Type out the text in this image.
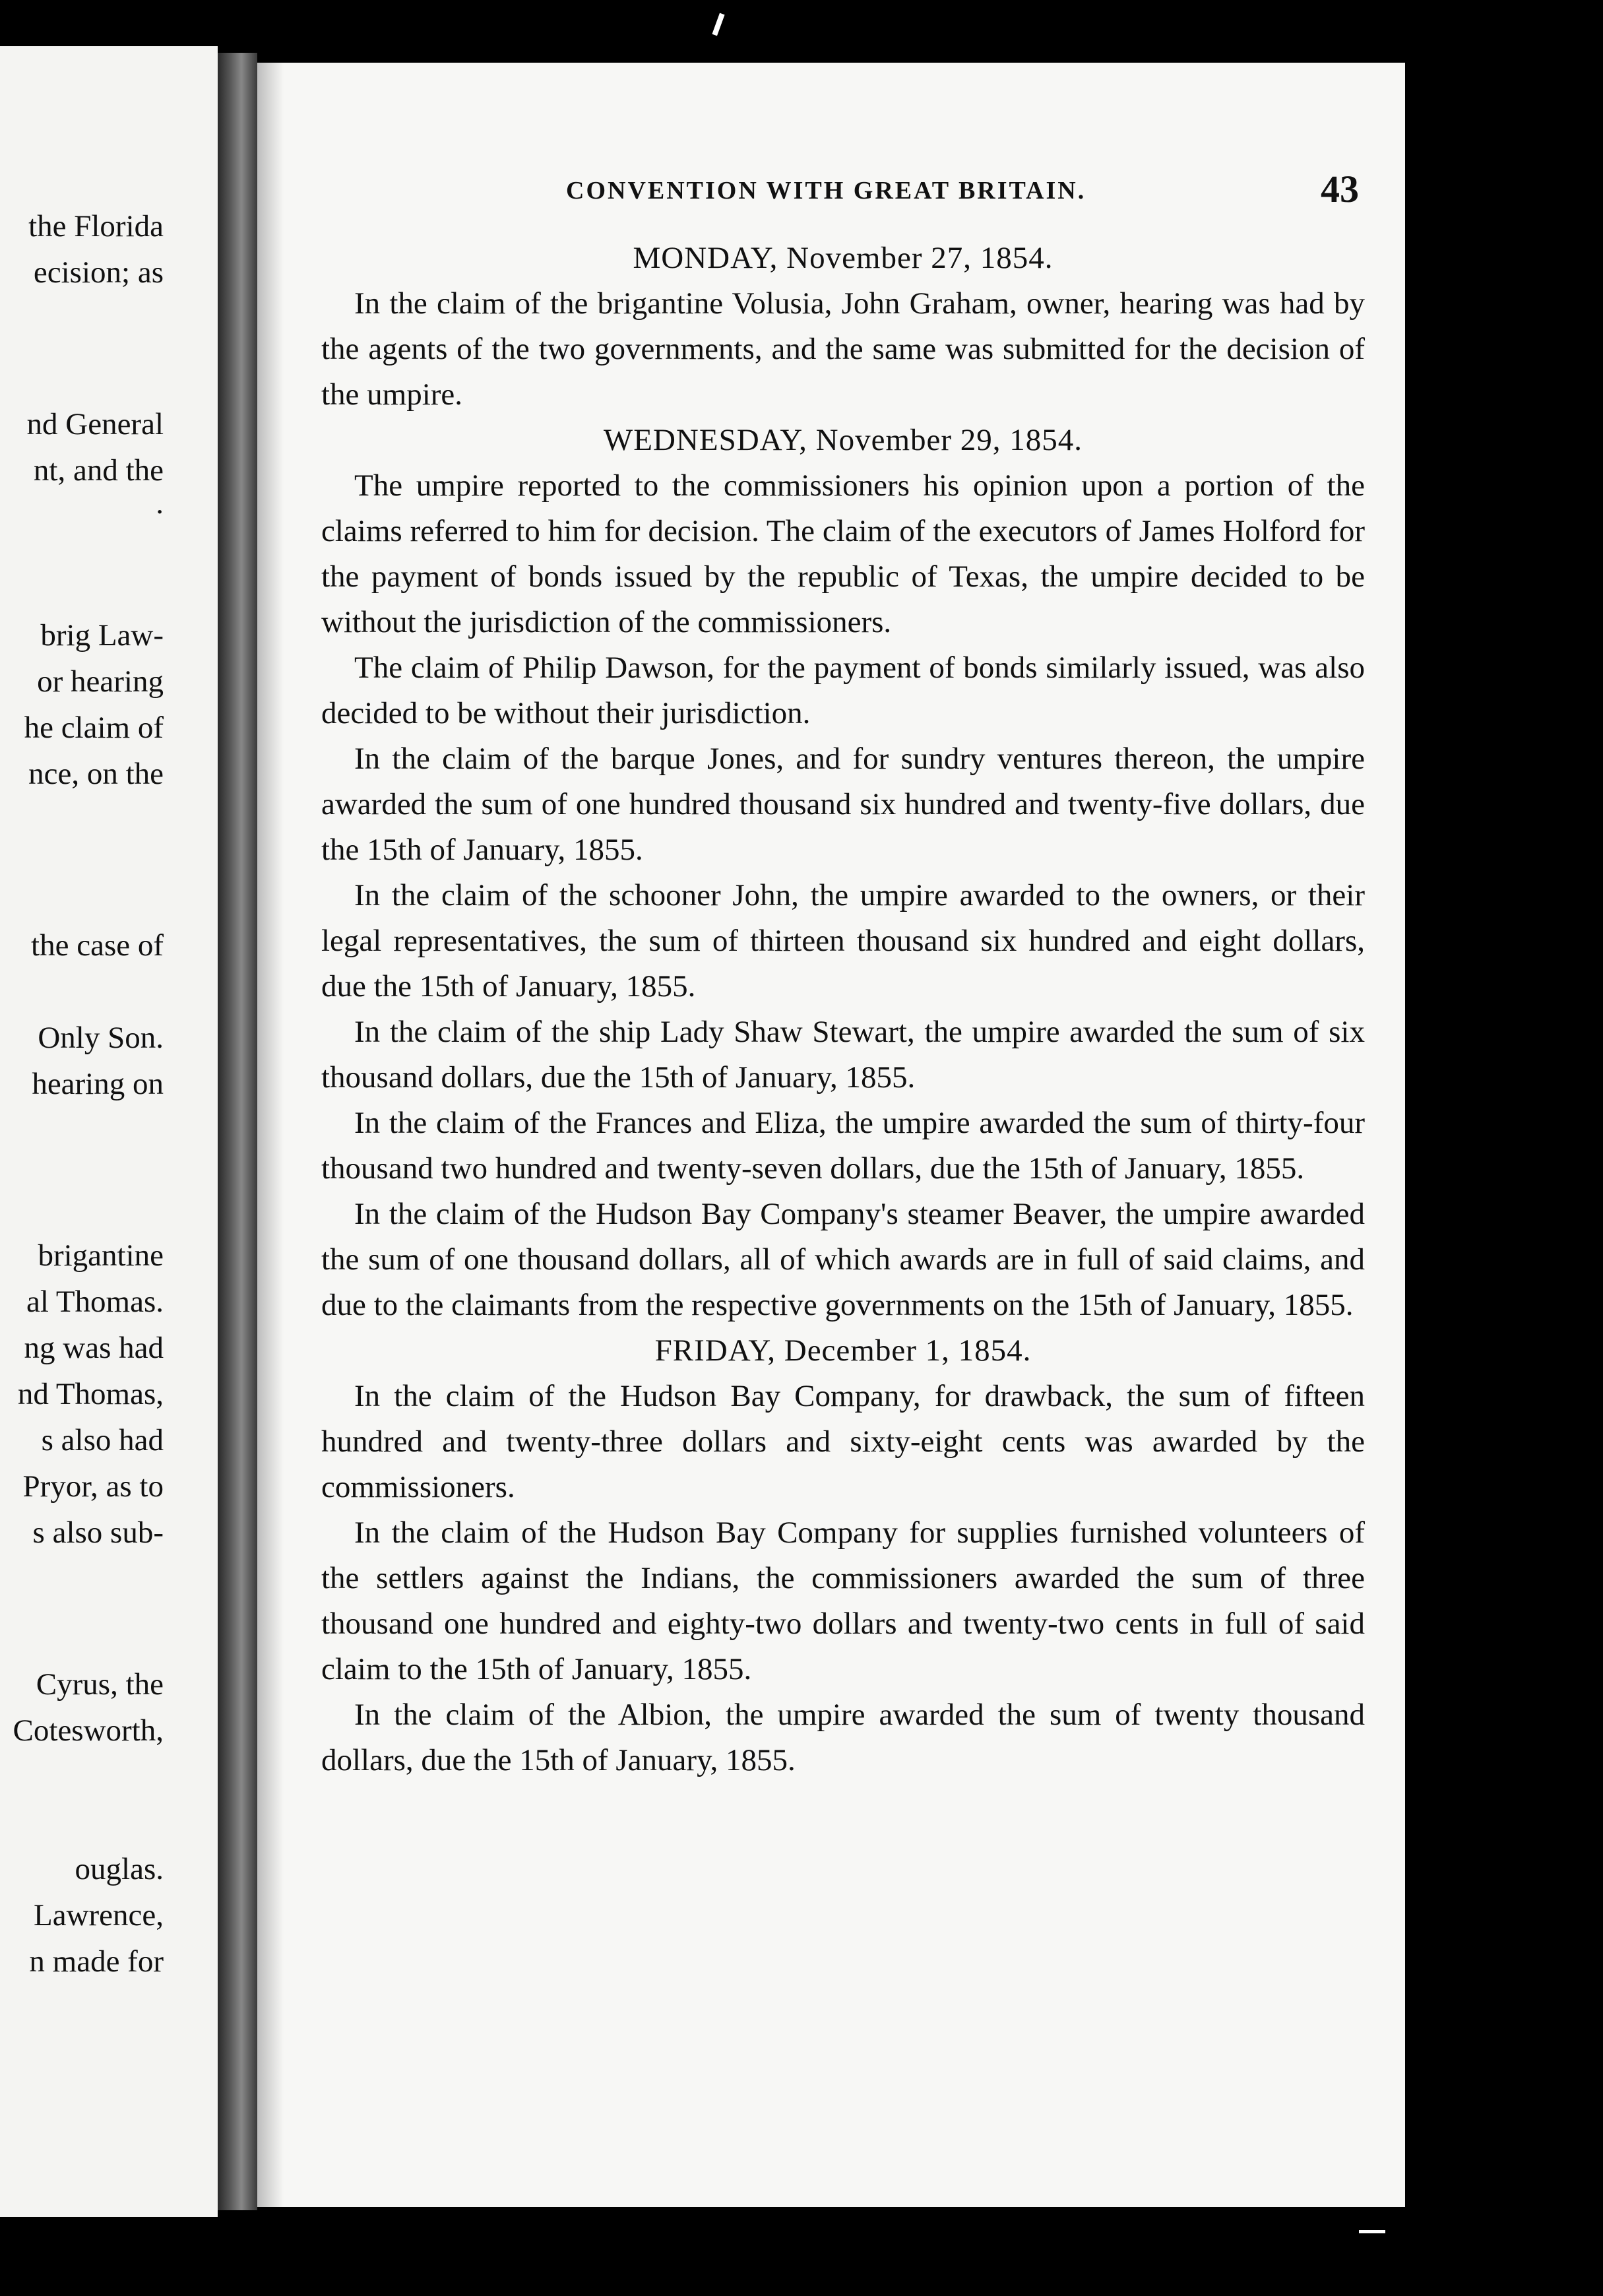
the Florida
ecision; as
nd General
nt, and the
.
brig Law-
or hearing
he claim of
nce, on the
the case of
Only Son.
hearing on
brigantine
al Thomas.
ng was had
nd Thomas,
s also had
Pryor, as to
s also sub-
Cyrus, the
Cotesworth,
ouglas.
Lawrence,
n made for
CONVENTION WITH GREAT BRITAIN.	43
MONDAY, November 27, 1854.

In the claim of the brigantine Volusia, John Graham, owner, hearing was had by the agents of the two governments, and the same was submitted for the decision of the umpire.

WEDNESDAY, November 29, 1854.

The umpire reported to the commissioners his opinion upon a portion of the claims referred to him for decision. The claim of the executors of James Holford for the payment of bonds issued by the republic of Texas, the umpire decided to be without the jurisdiction of the commissioners.

The claim of Philip Dawson, for the payment of bonds similarly issued, was also decided to be without their jurisdiction.

In the claim of the barque Jones, and for sundry ventures thereon, the umpire awarded the sum of one hundred thousand six hundred and twenty-five dollars, due the 15th of January, 1855.

In the claim of the schooner John, the umpire awarded to the owners, or their legal representatives, the sum of thirteen thousand six hundred and eight dollars, due the 15th of January, 1855.

In the claim of the ship Lady Shaw Stewart, the umpire awarded the sum of six thousand dollars, due the 15th of January, 1855.

In the claim of the Frances and Eliza, the umpire awarded the sum of thirty-four thousand two hundred and twenty-seven dollars, due the 15th of January, 1855.

In the claim of the Hudson Bay Company's steamer Beaver, the umpire awarded the sum of one thousand dollars, all of which awards are in full of said claims, and due to the claimants from the respective governments on the 15th of January, 1855.

FRIDAY, December 1, 1854.

In the claim of the Hudson Bay Company, for drawback, the sum of fifteen hundred and twenty-three dollars and sixty-eight cents was awarded by the commissioners.

In the claim of the Hudson Bay Company for supplies furnished volunteers of the settlers against the Indians, the commissioners awarded the sum of three thousand one hundred and eighty-two dollars and twenty-two cents in full of said claim to the 15th of January, 1855.

In the claim of the Albion, the umpire awarded the sum of twenty thousand dollars, due the 15th of January, 1855.
